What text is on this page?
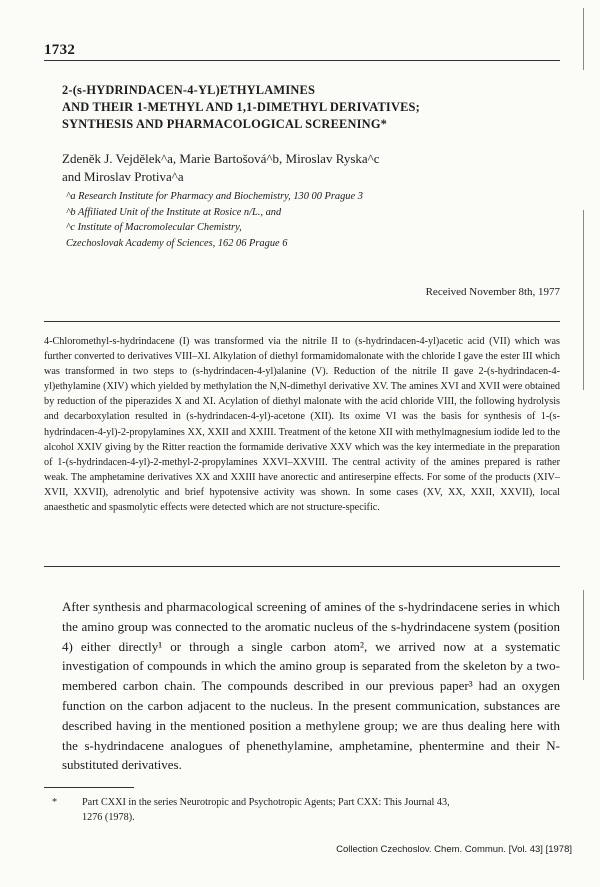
1732
2-(s-HYDRINDACEN-4-YL)ETHYLAMINES
AND THEIR 1-METHYL AND 1,1-DIMETHYL DERIVATIVES;
SYNTHESIS AND PHARMACOLOGICAL SCREENING*
Zdeněk J. Vejdělek^a, Marie Bartošová^b, Miroslav Ryska^c
and Miroslav Protiva^a
^a Research Institute for Pharmacy and Biochemistry, 130 00 Prague 3
^b Affiliated Unit of the Institute at Rosice n/L., and
^c Institute of Macromolecular Chemistry,
Czechoslovak Academy of Sciences, 162 06 Prague 6
Received November 8th, 1977
4-Chloromethyl-s-hydrindacene (I) was transformed via the nitrile II to (s-hydrindacen-4-yl)acetic acid (VII) which was further converted to derivatives VIII–XI. Alkylation of diethyl formamidomalonate with the chloride I gave the ester III which was transformed in two steps to (s-hydrindacen-4-yl)alanine (V). Reduction of the nitrile II gave 2-(s-hydrindacen-4-yl)ethylamine (XIV) which yielded by methylation the N,N-dimethyl derivative XV. The amines XVI and XVII were obtained by reduction of the piperazides X and XI. Acylation of diethyl malonate with the acid chloride VIII, the following hydrolysis and decarboxylation resulted in (s-hydrindacen-4-yl)-acetone (XII). Its oxime VI was the basis for synthesis of 1-(s-hydrindacen-4-yl)-2-propylamines XX, XXII and XXIII. Treatment of the ketone XII with methylmagnesium iodide led to the alcohol XXIV giving by the Ritter reaction the formamide derivative XXV which was the key intermediate in the preparation of 1-(s-hydrindacen-4-yl)-2-methyl-2-propylamines XXVI–XXVIII. The central activity of the amines prepared is rather weak. The amphetamine derivatives XX and XXIII have anorectic and antireserpine effects. For some of the products (XIV–XVII, XXVII), adrenolytic and brief hypotensive activity was shown. In some cases (XV, XX, XXII, XXVII), local anaesthetic and spasmolytic effects were detected which are not structure-specific.
After synthesis and pharmacological screening of amines of the s-hydrindacene series in which the amino group was connected to the aromatic nucleus of the s-hydrindacene system (position 4) either directly¹ or through a single carbon atom², we arrived now at a systematic investigation of compounds in which the amino group is separated from the skeleton by a two-membered carbon chain. The compounds described in our previous paper³ had an oxygen function on the carbon adjacent to the nucleus. In the present communication, substances are described having in the mentioned position a methylene group; we are thus dealing here with the s-hydrindacene analogues of phenethylamine, amphetamine, phentermine and their N-substituted derivatives.
* Part CXXI in the series Neurotropic and Psychotropic Agents; Part CXX: This Journal 43,
1276 (1978).
Collection Czechoslov. Chem. Commun. [Vol. 43] [1978]
